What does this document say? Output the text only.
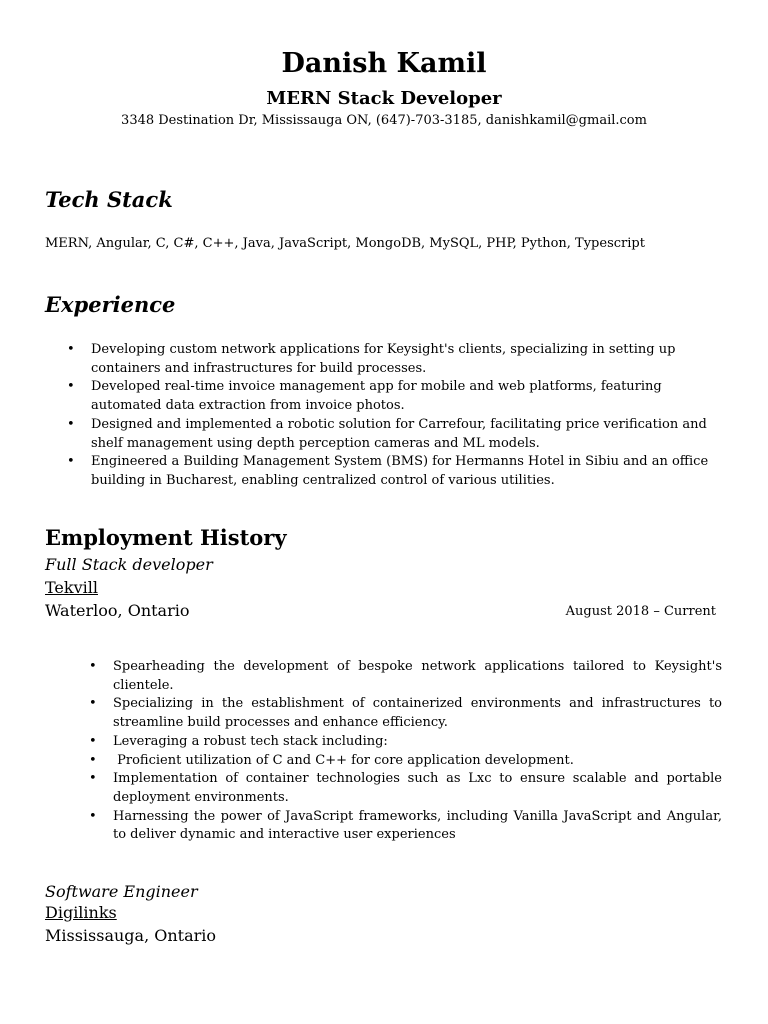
Danish Kamil
MERN Stack Developer
3348 Destination Dr, Mississauga ON, (647)-703-3185, danishkamil@gmail.com
Tech Stack
MERN, Angular, C, C#, C++, Java, JavaScript, MongoDB, MySQL, PHP, Python, Typescript
Experience
• Developing custom network applications for Keysight's clients, specializing in setting up containers and infrastructures for build processes.
• Developed real-time invoice management app for mobile and web platforms, featuring automated data extraction from invoice photos.
• Designed and implemented a robotic solution for Carrefour, facilitating price verification and shelf management using depth perception cameras and ML models.
• Engineered a Building Management System (BMS) for Hermanns Hotel in Sibiu and an office building in Bucharest, enabling centralized control of various utilities.
Employment History
Full Stack developer
Tekvill
Waterloo, Ontario	August 2018 – Current
• Spearheading the development of bespoke network applications tailored to Keysight's clientele.
• Specializing in the establishment of containerized environments and infrastructures to streamline build processes and enhance efficiency.
• Leveraging a robust tech stack including:
• Proficient utilization of C and C++ for core application development.
• Implementation of container technologies such as Lxc to ensure scalable and portable deployment environments.
• Harnessing the power of JavaScript frameworks, including Vanilla JavaScript and Angular, to deliver dynamic and interactive user experiences
Software Engineer
Digilinks
Mississauga, Ontario
